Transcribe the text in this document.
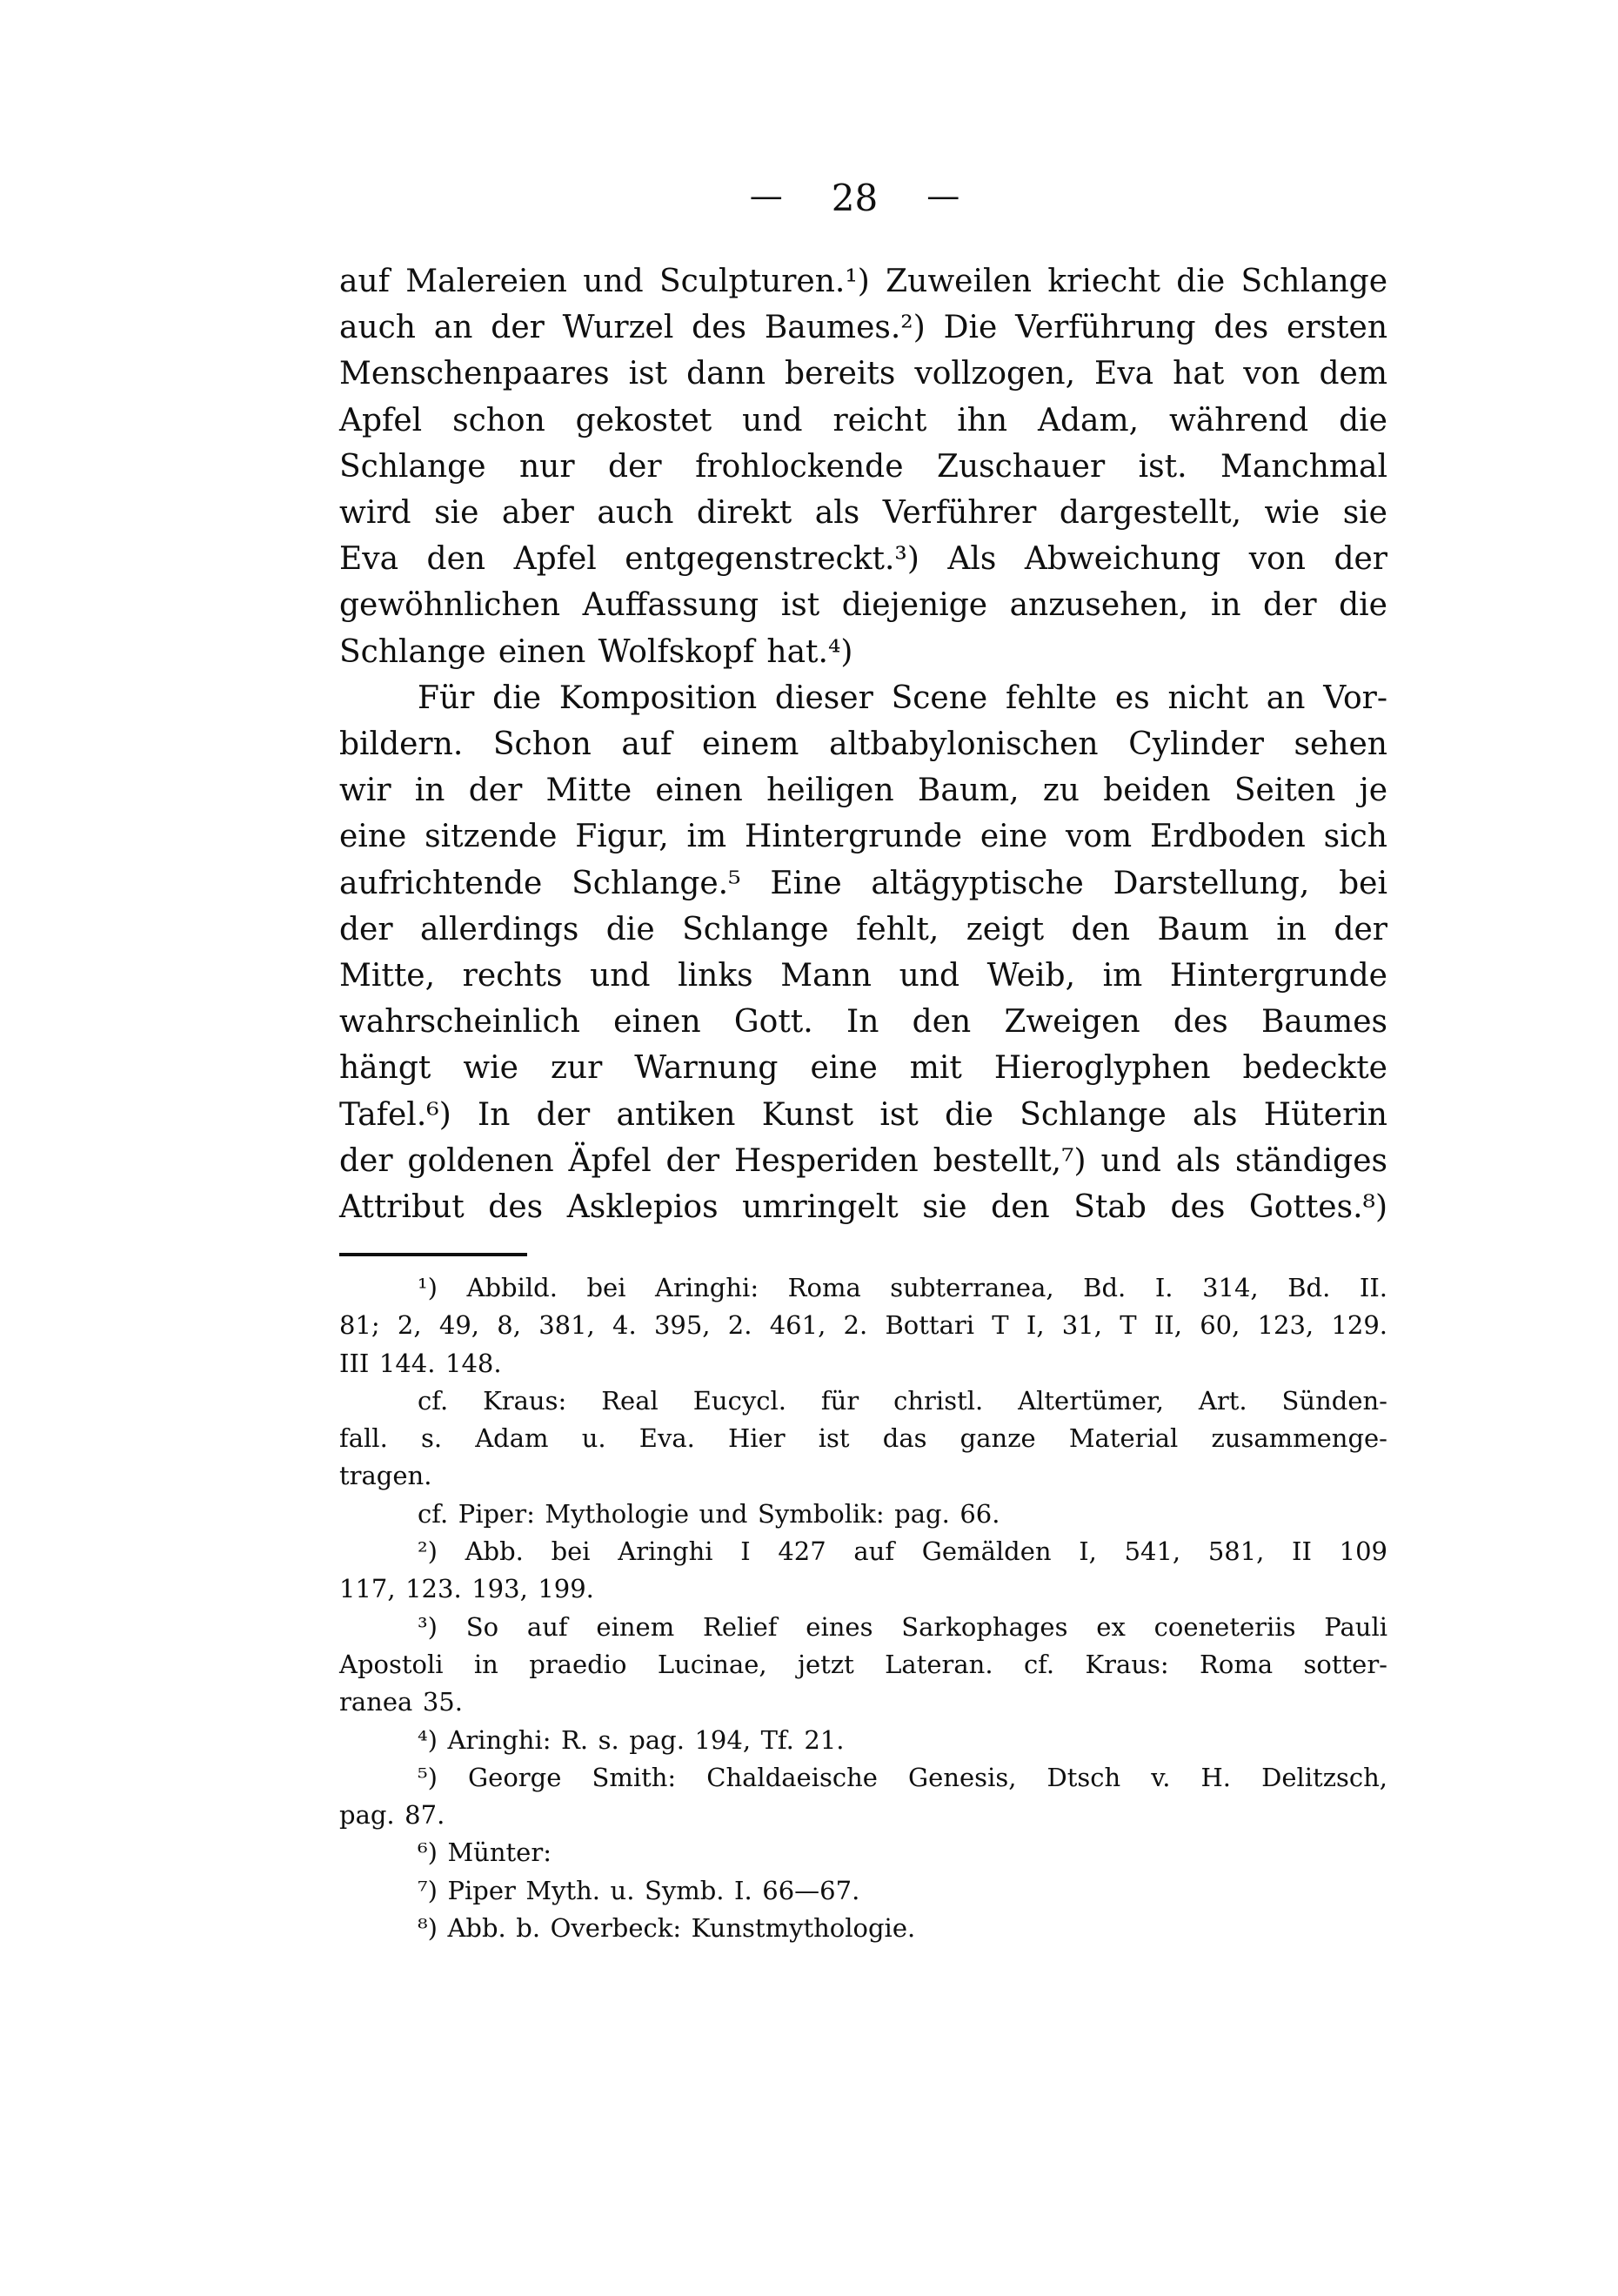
— 28 —
auf Malereien und Sculpturen.¹) Zuweilen kriecht die Schlange
auch an der Wurzel des Baumes.²) Die Verführung des ersten
Menschenpaares ist dann bereits vollzogen, Eva hat von dem
Apfel schon gekostet und reicht ihn Adam, während die
Schlange nur der frohlockende Zuschauer ist. Manchmal
wird sie aber auch direkt als Verführer dargestellt, wie sie
Eva den Apfel entgegenstreckt.³) Als Abweichung von der
gewöhnlichen Auffassung ist diejenige anzusehen, in der die
Schlange einen Wolfskopf hat.⁴)
Für die Komposition dieser Scene fehlte es nicht an Vor-
bildern. Schon auf einem altbabylonischen Cylinder sehen
wir in der Mitte einen heiligen Baum, zu beiden Seiten je
eine sitzende Figur, im Hintergrunde eine vom Erdboden sich
aufrichtende Schlange.⁵ Eine altägyptische Darstellung, bei
der allerdings die Schlange fehlt, zeigt den Baum in der
Mitte, rechts und links Mann und Weib, im Hintergrunde
wahrscheinlich einen Gott. In den Zweigen des Baumes
hängt wie zur Warnung eine mit Hieroglyphen bedeckte
Tafel.⁶) In der antiken Kunst ist die Schlange als Hüterin
der goldenen Äpfel der Hesperiden bestellt,⁷) und als ständiges
Attribut des Asklepios umringelt sie den Stab des Gottes.⁸)
¹) Abbild. bei Aringhi: Roma subterranea, Bd. I. 314, Bd. II.
81; 2, 49, 8, 381, 4. 395, 2. 461, 2. Bottari T I, 31, T II, 60, 123, 129.
III 144. 148.
cf. Kraus: Real Eucycl. für christl. Altertümer, Art. Sünden-
fall. s. Adam u. Eva. Hier ist das ganze Material zusammenge-
tragen.
cf. Piper: Mythologie und Symbolik: pag. 66.
²) Abb. bei Aringhi I 427 auf Gemälden I, 541, 581, II 109
117, 123. 193, 199.
³) So auf einem Relief eines Sarkophages ex coeneteriis Pauli
Apostoli in praedio Lucinae, jetzt Lateran. cf. Kraus: Roma sotter-
ranea 35.
⁴) Aringhi: R. s. pag. 194, Tf. 21.
⁵) George Smith: Chaldaeische Genesis, Dtsch v. H. Delitzsch,
pag. 87.
⁶) Münter:
⁷) Piper Myth. u. Symb. I. 66—67.
⁸) Abb. b. Overbeck: Kunstmythologie.
